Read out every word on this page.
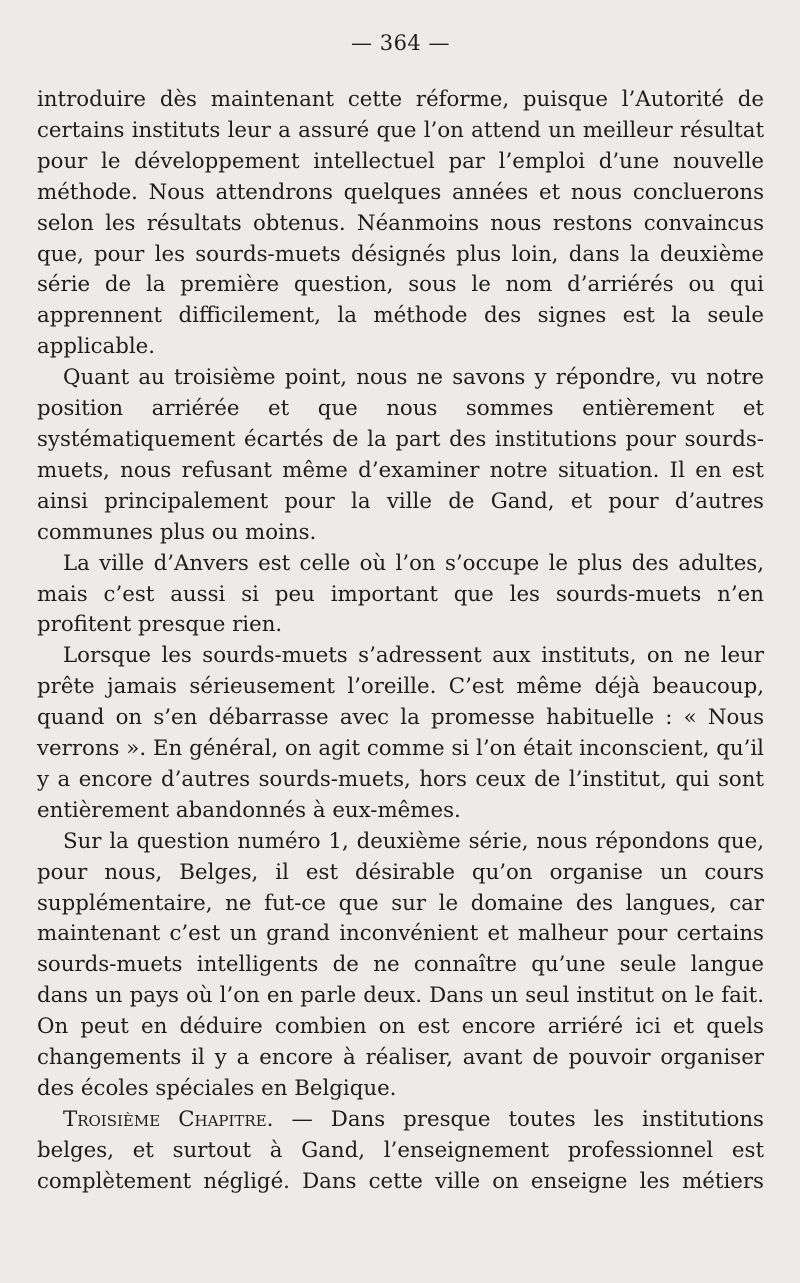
— 364 —

introduire dès maintenant cette réforme, puisque l’Autorité de certains instituts leur a assuré que l’on attend un meilleur résultat pour le développement intellectuel par l’emploi d’une nouvelle méthode. Nous attendrons quelques années et nous concluerons selon les résultats obtenus. Néanmoins nous restons convaincus que, pour les sourds-muets désignés plus loin, dans la deuxième série de la première question, sous le nom d’arriérés ou qui apprennent difficilement, la méthode des signes est la seule applicable.

Quant au troisième point, nous ne savons y répondre, vu notre position arriérée et que nous sommes entièrement et systématiquement écartés de la part des institutions pour sourds-muets, nous refusant même d’examiner notre situation. Il en est ainsi principalement pour la ville de Gand, et pour d’autres communes plus ou moins.

La ville d’Anvers est celle où l’on s’occupe le plus des adultes, mais c’est aussi si peu important que les sourds-muets n’en profitent presque rien.

Lorsque les sourds-muets s’adressent aux instituts, on ne leur prête jamais sérieusement l’oreille. C’est même déjà beaucoup, quand on s’en débarrasse avec la promesse habituelle : « Nous verrons ». En général, on agit comme si l’on était inconscient, qu’il y a encore d’autres sourds-muets, hors ceux de l’institut, qui sont entièrement abandonnés à eux-mêmes.

Sur la question numéro 1, deuxième série, nous répondons que, pour nous, Belges, il est désirable qu’on organise un cours supplémentaire, ne fut-ce que sur le domaine des langues, car maintenant c’est un grand inconvénient et malheur pour certains sourds-muets intelligents de ne connaître qu’une seule langue dans un pays où l’on en parle deux. Dans un seul institut on le fait. On peut en déduire combien on est encore arriéré ici et quels changements il y a encore à réaliser, avant de pouvoir organiser des écoles spéciales en Belgique.

Troisième Chapitre. — Dans presque toutes les institutions belges, et surtout à Gand, l’enseignement professionnel est complètement négligé. Dans cette ville on enseigne les métiers
